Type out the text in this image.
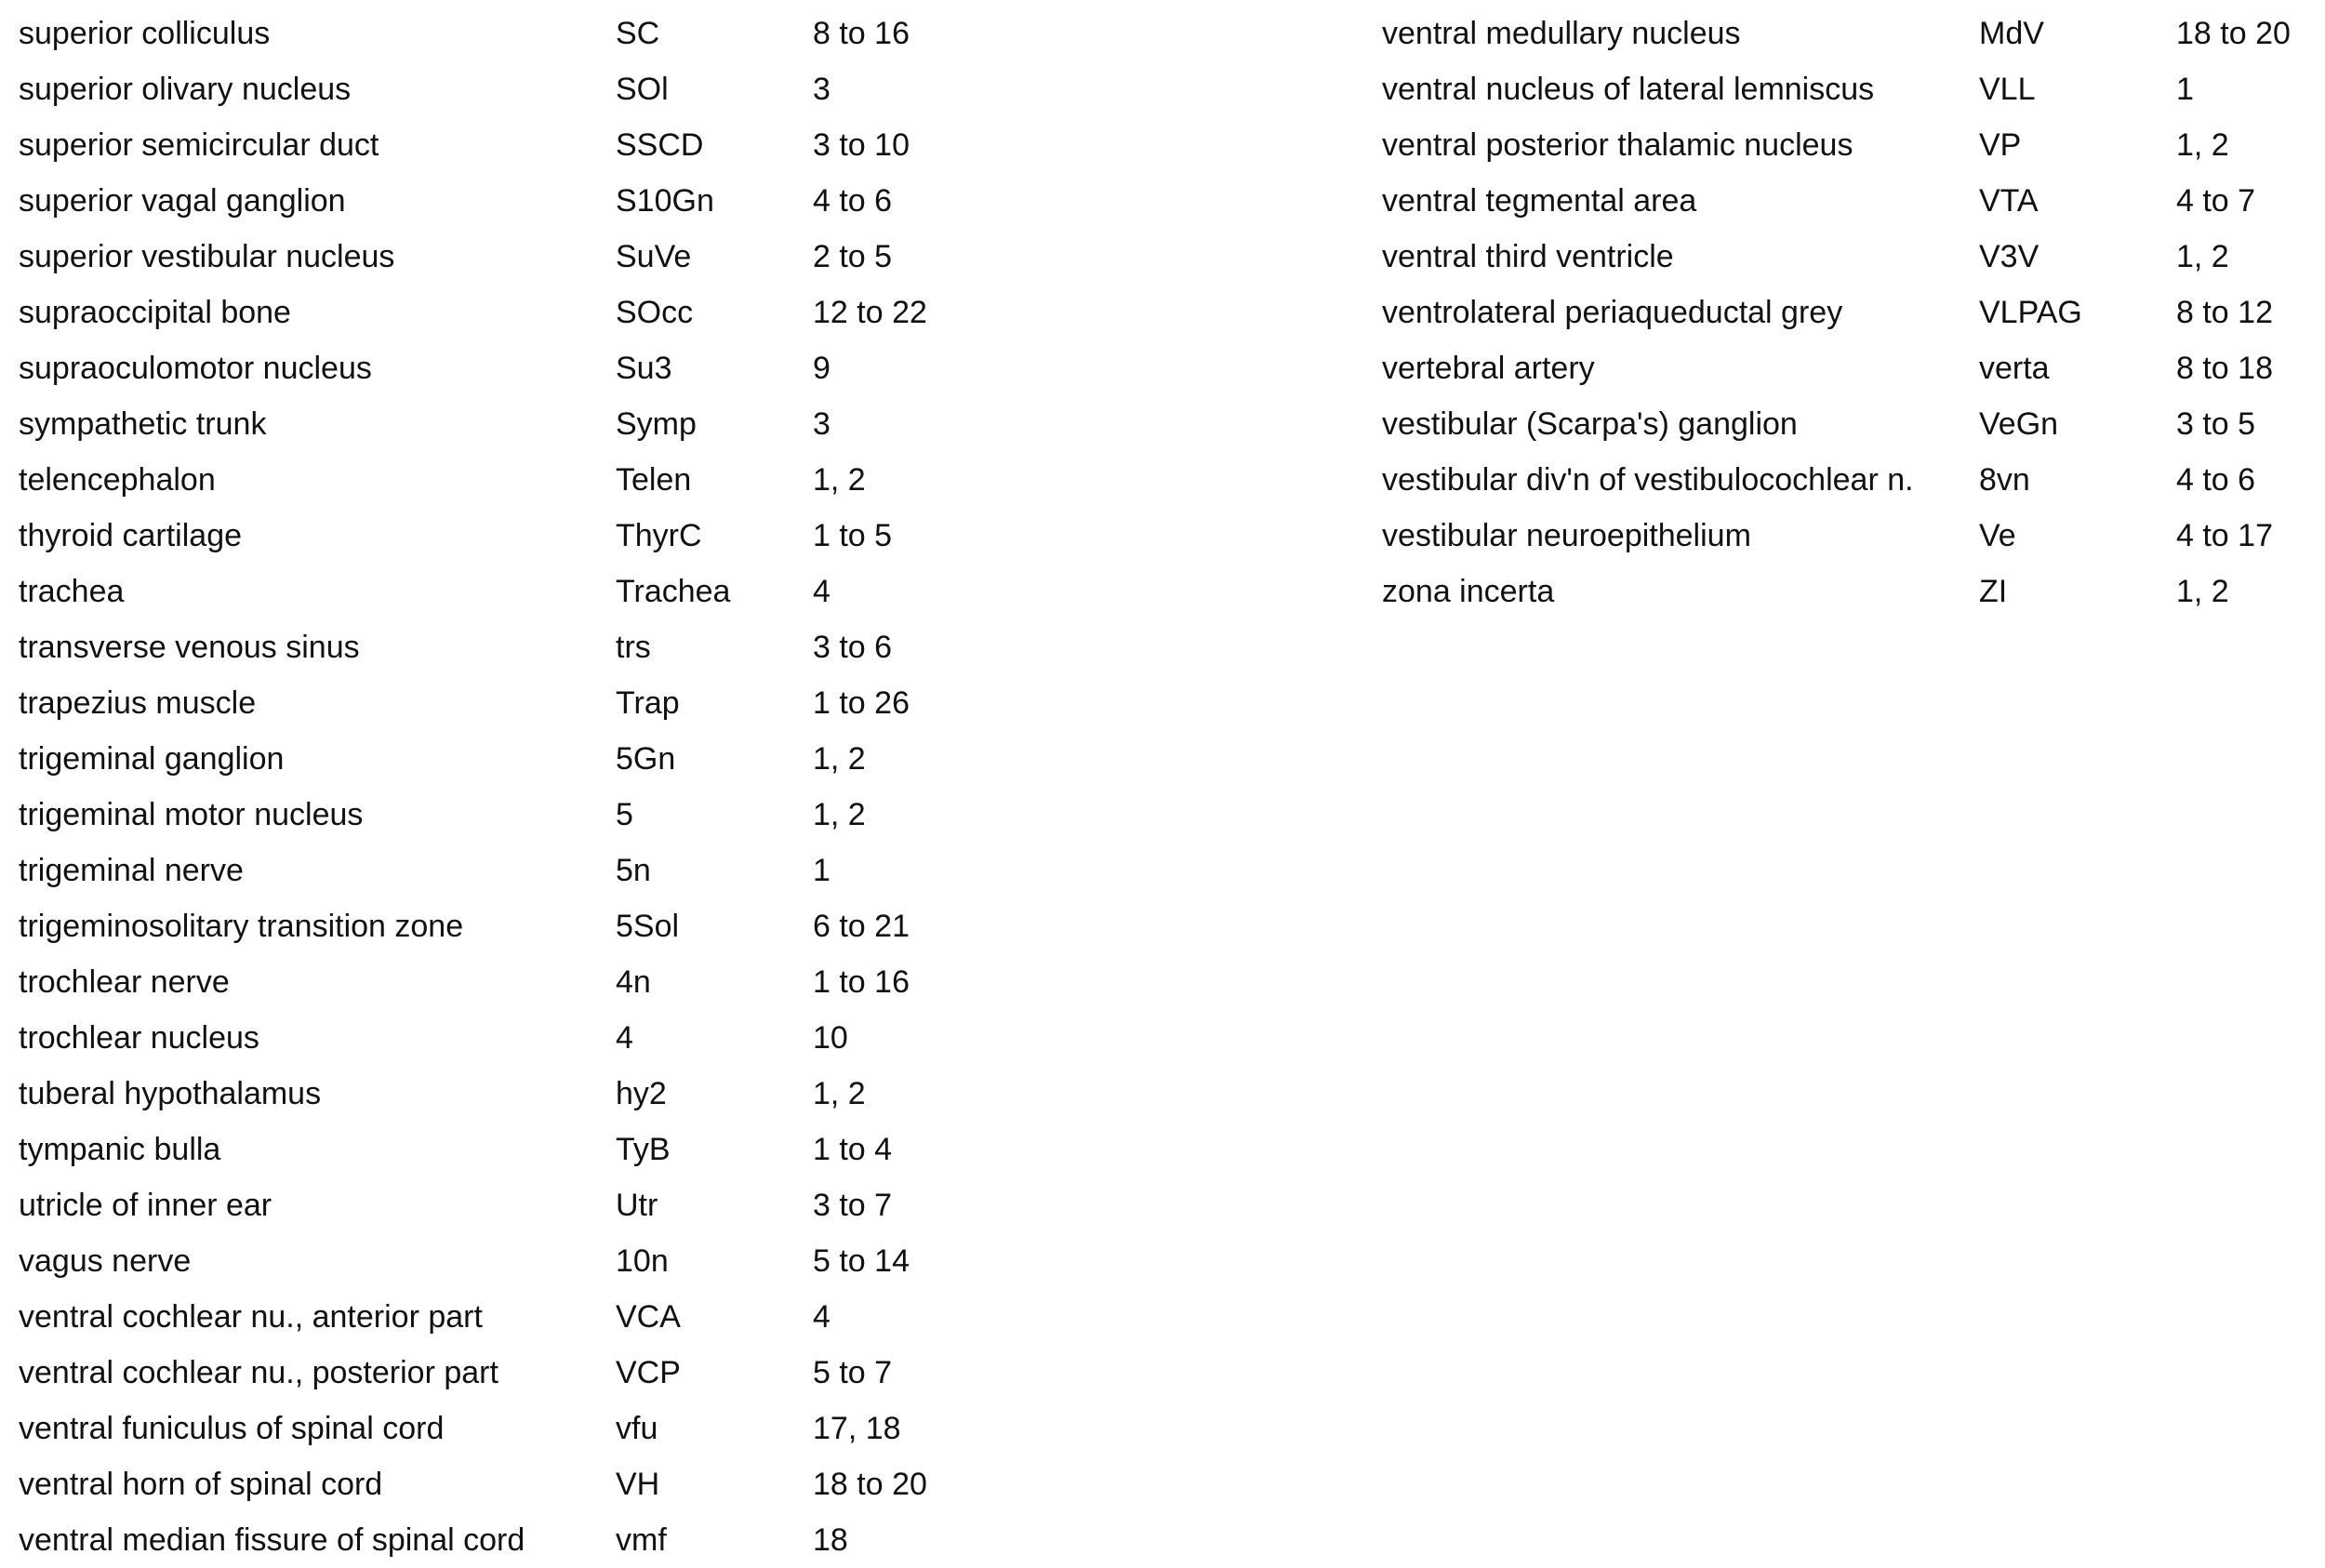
superior colliculus	SC	8 to 16
superior olivary nucleus	SOl	3
superior semicircular duct	SSCD	3 to 10
superior vagal ganglion	S10Gn	4 to 6
superior vestibular nucleus	SuVe	2 to 5
supraoccipital bone	SOcc	12 to 22
supraoculomotor nucleus	Su3	9
sympathetic trunk	Symp	3
telencephalon	Telen	1, 2
thyroid cartilage	ThyrC	1 to 5
trachea	Trachea	4
transverse venous sinus	trs	3 to 6
trapezius muscle	Trap	1 to 26
trigeminal ganglion	5Gn	1, 2
trigeminal motor nucleus	5	1, 2
trigeminal nerve	5n	1
trigeminosolitary transition zone	5Sol	6 to 21
trochlear nerve	4n	1 to 16
trochlear nucleus	4	10
tuberal hypothalamus	hy2	1, 2
tympanic bulla	TyB	1 to 4
utricle of inner ear	Utr	3 to 7
vagus nerve	10n	5 to 14
ventral cochlear nu., anterior part	VCA	4
ventral cochlear nu., posterior part	VCP	5 to 7
ventral funiculus of spinal cord	vfu	17, 18
ventral horn of spinal cord	VH	18 to 20
ventral median fissure of spinal cord	vmf	18
ventral medullary nucleus	MdV	18 to 20
ventral nucleus of lateral lemniscus	VLL	1
ventral posterior thalamic nucleus	VP	1, 2
ventral tegmental area	VTA	4 to 7
ventral third ventricle	V3V	1, 2
ventrolateral periaqueductal grey	VLPAG	8 to 12
vertebral artery	verta	8 to 18
vestibular (Scarpa's) ganglion	VeGn	3 to 5
vestibular div'n of vestibulocochlear n.	8vn	4 to 6
vestibular neuroepithelium	Ve	4 to 17
zona incerta	ZI	1, 2
